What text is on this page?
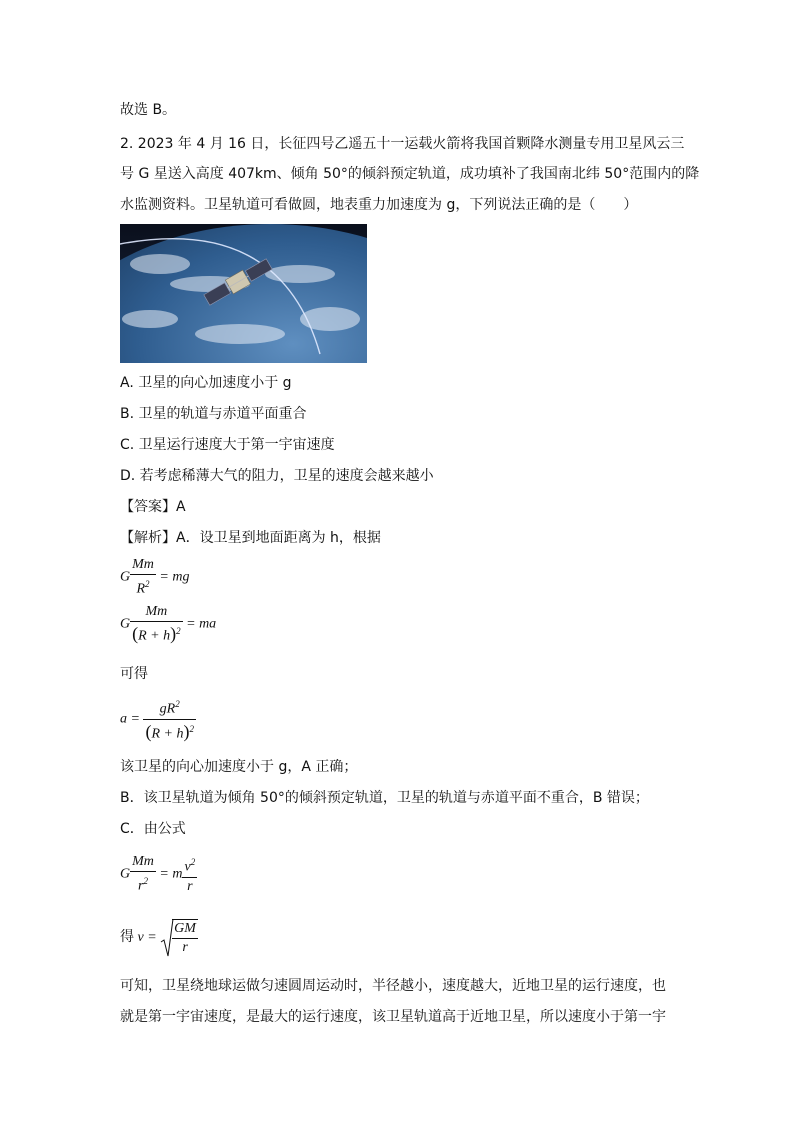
故选 B。
2. 2023 年 4 月 16 日，长征四号乙遥五十一运载火箭将我国首颗降水测量专用卫星风云三
号 G 星送入高度 407km、倾角 50°的倾斜预定轨道，成功填补了我国南北纬 50°范围内的降
水监测资料。卫星轨道可看做圆，地表重力加速度为 g，下列说法正确的是（　　）
A. 卫星的向心加速度小于 g
B. 卫星的轨道与赤道平面重合
C. 卫星运行速度大于第一宇宙速度
D. 若考虑稀薄大气的阻力，卫星的速度会越来越小
【答案】A
【解析】A．设卫星到地面距离为 h，根据
G $\frac{Mm}{R^2}$ = mg
G $\frac{Mm}{(R + h)^2}$ = ma
可得
$a = \frac{gR^2}{(R + h)^2}$
该卫星的向心加速度小于 g，A 正确；
B．该卫星轨道为倾角 50°的倾斜预定轨道，卫星的轨道与赤道平面不重合，B 错误；
C．由公式
G $\frac{Mm}{r^2} = m \frac{v^2}{r}$
得 $v = \frac{GM}{r}$
可知，卫星绕地球运做匀速圆周运动时，半径越小，速度越大，近地卫星的运行速度，也
就是第一宇宙速度，是最大的运行速度，该卫星轨道高于近地卫星，所以速度小于第一宇
